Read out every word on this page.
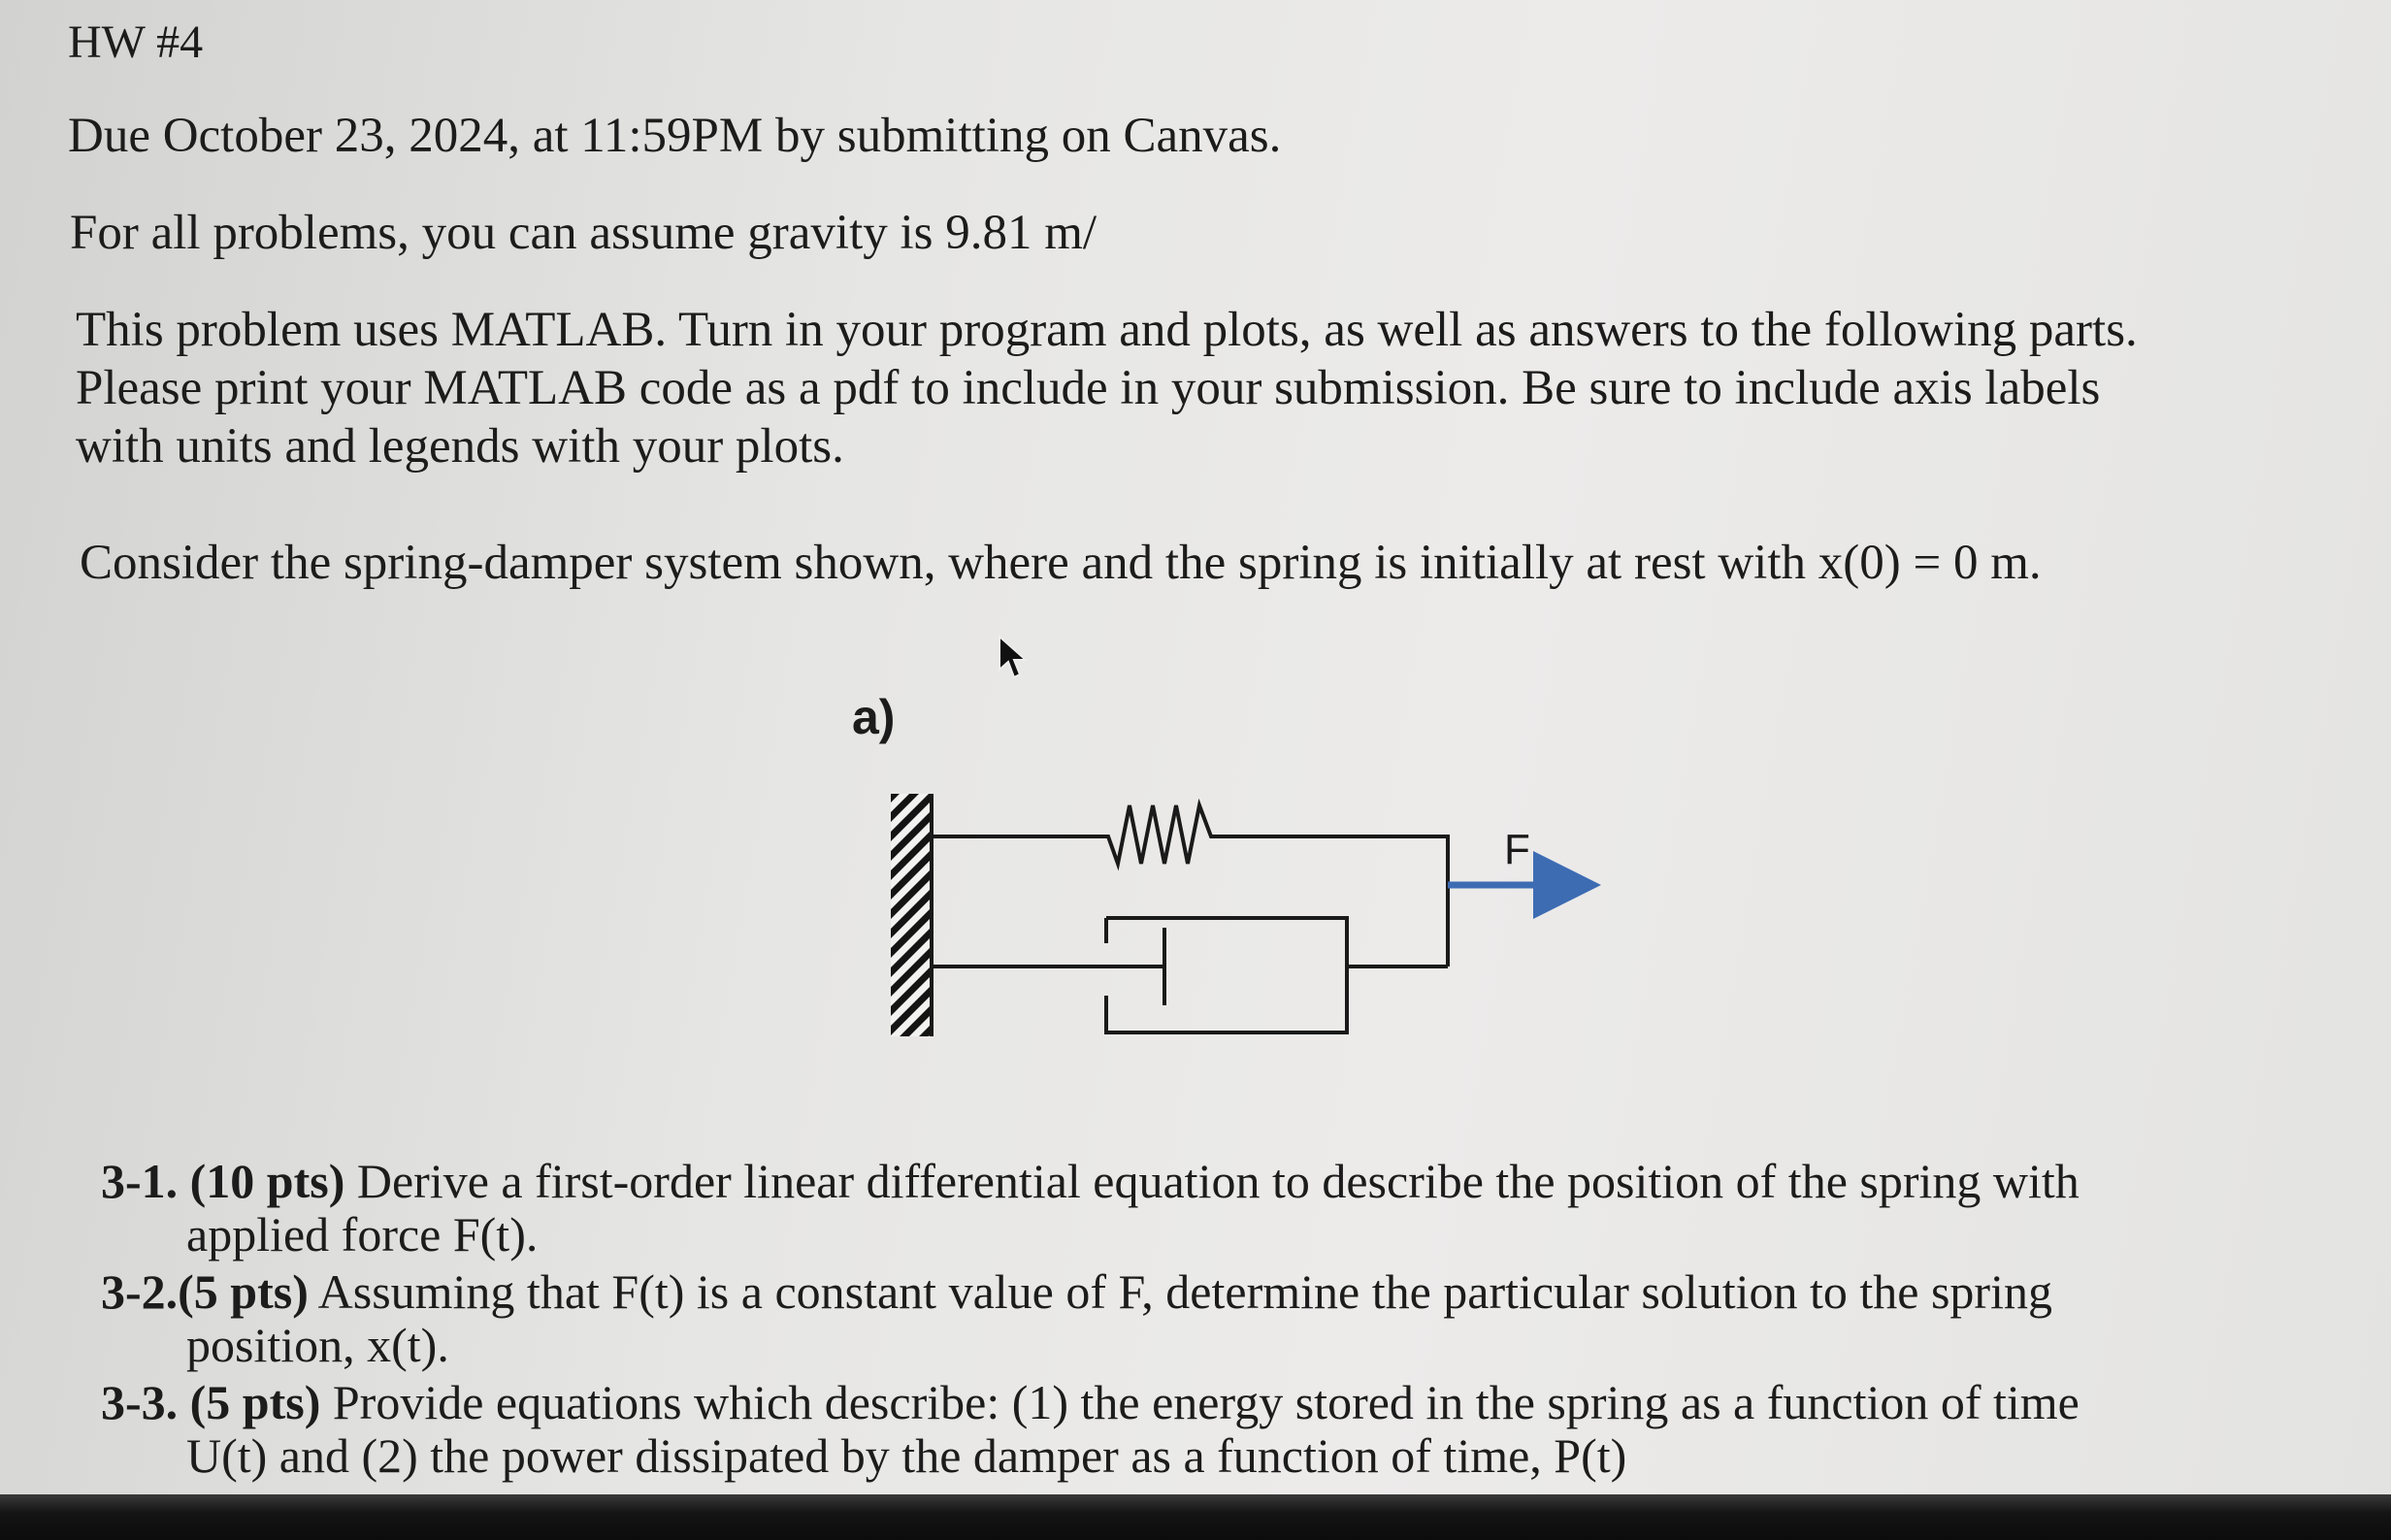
HW #4

Due October 23, 2024, at 11:59PM by submitting on Canvas.

For all problems, you can assume gravity is 9.81 m/

This problem uses MATLAB. Turn in your program and plots, as well as answers to the following parts.

Please print your MATLAB code as a pdf to include in your submission. Be sure to include axis labels

with units and legends with your plots.

Consider the spring-damper system shown, where and the spring is initially at rest with x(0) = 0 m.

a)
F

3-1. (10 pts) Derive a first-order linear differential equation to describe the position of the spring with

applied force F(t).

3-2.(5 pts) Assuming that F(t) is a constant value of F, determine the particular solution to the spring

position, x(t).

3-3. (5 pts) Provide equations which describe: (1) the energy stored in the spring as a function of time

U(t) and (2) the power dissipated by the damper as a function of time, P(t)
